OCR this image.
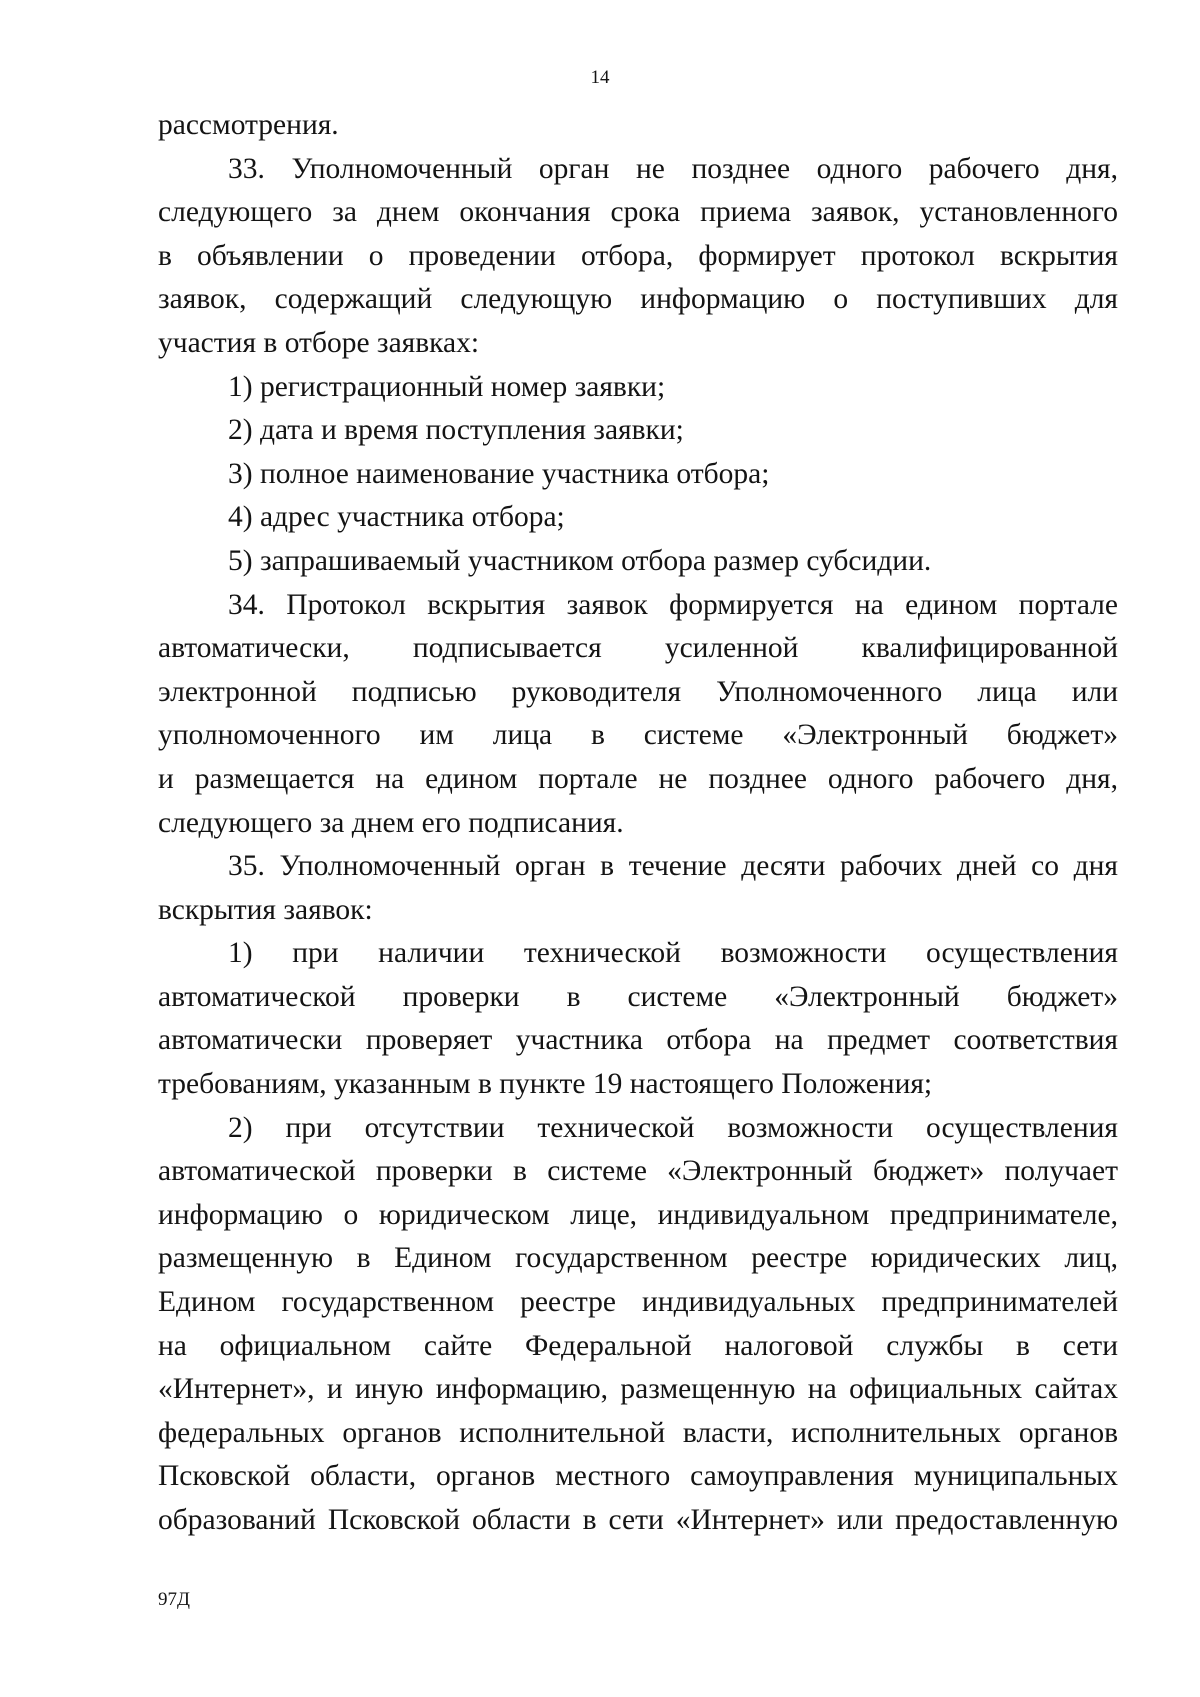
14
рассмотрения.
33. Уполномоченный орган не позднее одного рабочего дня,
следующего за днем окончания срока приема заявок, установленного
в объявлении о проведении отбора, формирует протокол вскрытия
заявок, содержащий следующую информацию о поступивших для
участия в отборе заявках:
1) регистрационный номер заявки;
2) дата и время поступления заявки;
3) полное наименование участника отбора;
4) адрес участника отбора;
5) запрашиваемый участником отбора размер субсидии.
34. Протокол вскрытия заявок формируется на едином портале
автоматически, подписывается усиленной квалифицированной
электронной подписью руководителя Уполномоченного лица или
уполномоченного им лица в системе «Электронный бюджет»
и размещается на едином портале не позднее одного рабочего дня,
следующего за днем его подписания.
35. Уполномоченный орган в течение десяти рабочих дней со дня
вскрытия заявок:
1) при наличии технической возможности осуществления
автоматической проверки в системе «Электронный бюджет»
автоматически проверяет участника отбора на предмет соответствия
требованиям, указанным в пункте 19 настоящего Положения;
2) при отсутствии технической возможности осуществления
автоматической проверки в системе «Электронный бюджет» получает
информацию о юридическом лице, индивидуальном предпринимателе,
размещенную в Едином государственном реестре юридических лиц,
Едином государственном реестре индивидуальных предпринимателей
на официальном сайте Федеральной налоговой службы в сети
«Интернет», и иную информацию, размещенную на официальных сайтах
федеральных органов исполнительной власти, исполнительных органов
Псковской области, органов местного самоуправления муниципальных
образований Псковской области в сети «Интернет» или предоставленную
97Д
